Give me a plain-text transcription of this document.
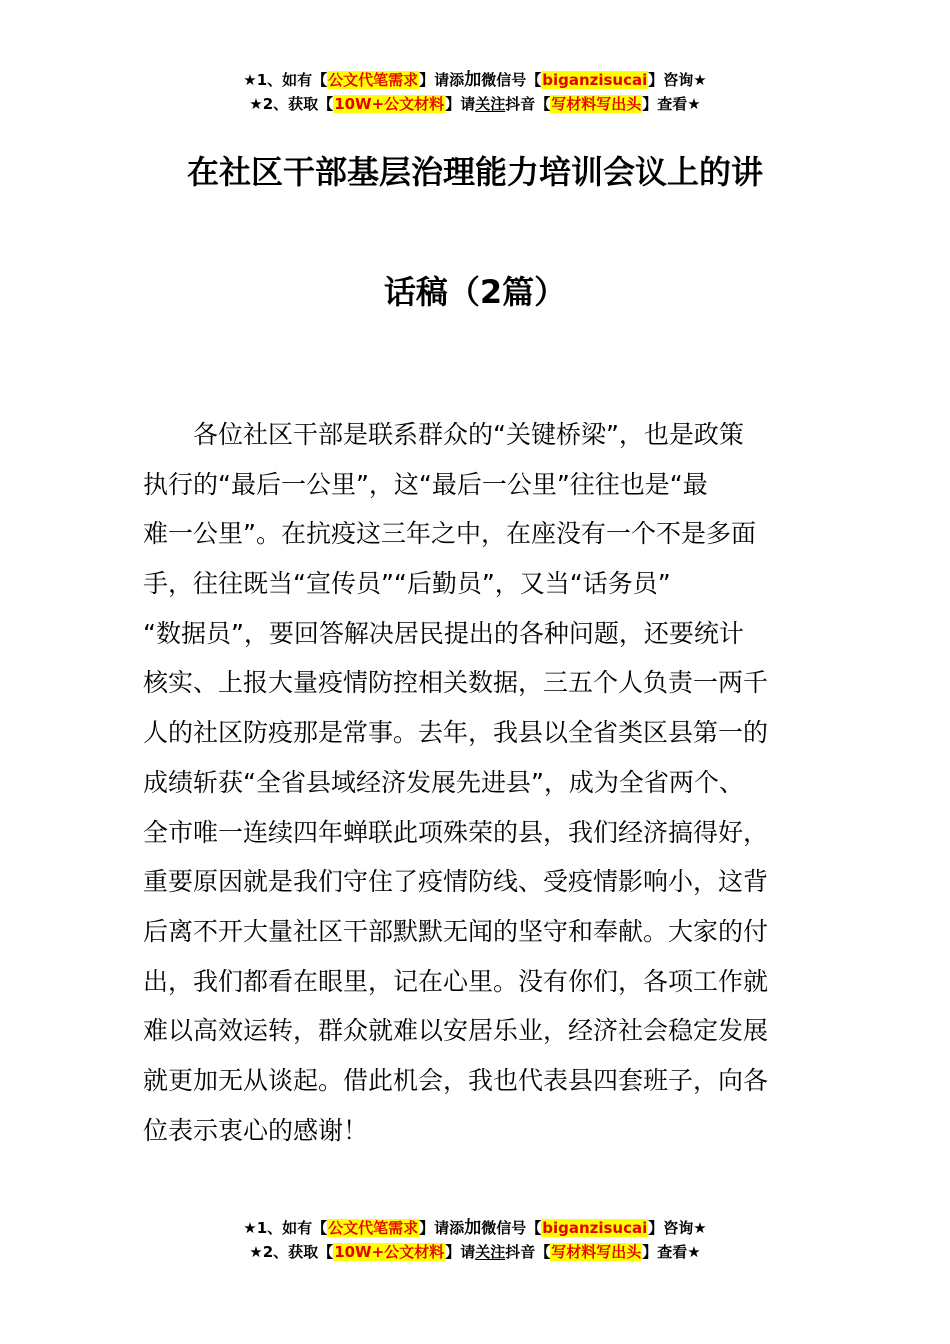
★1、如有【公文代笔需求】请添加微信号【biganzisucai】咨询★
★2、获取【10W+公文材料】请关注抖音【写材料写出头】查看★
在社区干部基层治理能力培训会议上的讲
话稿（2篇）
　　各位社区干部是联系群众的“关键桥梁”，也是政策
执行的“最后一公里”，这“最后一公里”往往也是“最
难一公里”。在抗疫这三年之中，在座没有一个不是多面
手，往往既当“宣传员”“后勤员”，又当“话务员”
“数据员”，要回答解决居民提出的各种问题，还要统计
核实、上报大量疫情防控相关数据，三五个人负责一两千
人的社区防疫那是常事。去年，我县以全省类区县第一的
成绩斩获“全省县域经济发展先进县”，成为全省两个、
全市唯一连续四年蝉联此项殊荣的县，我们经济搞得好，
重要原因就是我们守住了疫情防线、受疫情影响小，这背
后离不开大量社区干部默默无闻的坚守和奉献。大家的付
出，我们都看在眼里，记在心里。没有你们，各项工作就
难以高效运转，群众就难以安居乐业，经济社会稳定发展
就更加无从谈起。借此机会，我也代表县四套班子，向各
位表示衷心的感谢！
★1、如有【公文代笔需求】请添加微信号【biganzisucai】咨询★
★2、获取【10W+公文材料】请关注抖音【写材料写出头】查看★
